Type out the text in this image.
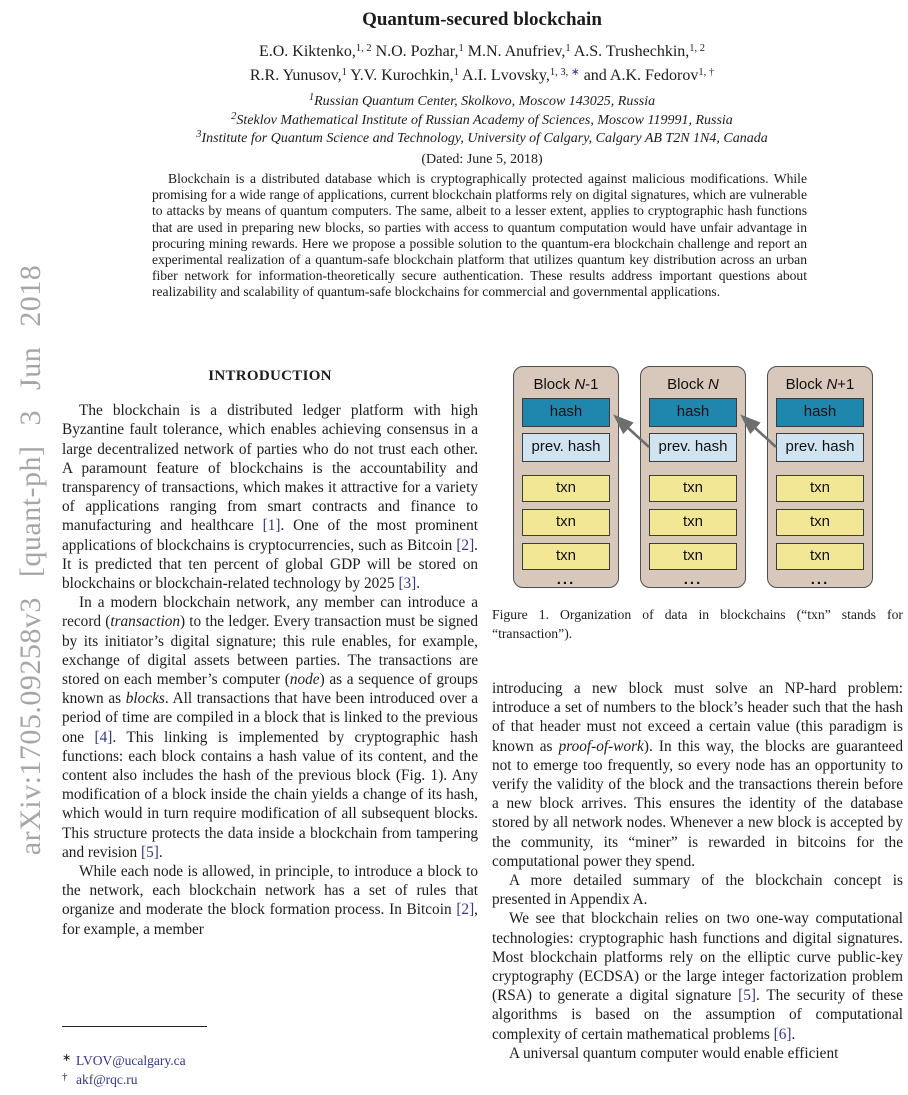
arXiv:1705.09258v3 [quant-ph] 3 Jun 2018
Quantum-secured blockchain
E.O. Kiktenko,$^{1, 2}$ N.O. Pozhar,$^1$ M.N. Anufriev,$^1$ A.S. Trushechkin,$^{1, 2}$
R.R. Yunusov,$^1$ Y.V. Kurochkin,$^1$ A.I. Lvovsky,$^{1, 3,}$ ∗ and A.K. Fedorov$^{1,}$ †

$^1$Russian Quantum Center, Skolkovo, Moscow 143025, Russia

$^2$Steklov Mathematical Institute of Russian Academy of Sciences, Moscow 119991, Russia

$^3$Institute for Quantum Science and Technology, University of Calgary, Calgary AB T2N 1N4, Canada

(Dated: June 5, 2018)

Blockchain is a distributed database which is cryptographically protected against malicious modifications. While promising for a wide range of applications, current blockchain platforms rely on digital signatures, which are vulnerable to attacks by means of quantum computers. The same, albeit to a lesser extent, applies to cryptographic hash functions that are used in preparing new blocks, so parties with access to quantum computation would have unfair advantage in procuring mining rewards. Here we propose a possible solution to the quantum-era blockchain challenge and report an experimental realization of a quantum-safe blockchain platform that utilizes quantum key distribution across an urban fiber network for information-theoretically secure authentication. These results address important questions about realizability and scalability of quantum-safe blockchains for commercial and governmental applications.

INTRODUCTION

The blockchain is a distributed ledger platform with high Byzantine fault tolerance, which enables achieving consensus in a large decentralized network of parties who do not trust each other. A paramount feature of blockchains is the accountability and transparency of transactions, which makes it attractive for a variety of applications ranging from smart contracts and finance to manufacturing and healthcare [1]. One of the most prominent applications of blockchains is cryptocurrencies, such as Bitcoin [2]. It is predicted that ten percent of global GDP will be stored on blockchains or blockchain-related technology by 2025 [3].

In a modern blockchain network, any member can introduce a record (transaction) to the ledger. Every transaction must be signed by its initiator’s digital signature; this rule enables, for example, exchange of digital assets between parties. The transactions are stored on each member’s computer (node) as a sequence of groups known as blocks. All transactions that have been introduced over a period of time are compiled in a block that is linked to the previous one [4]. This linking is implemented by cryptographic hash functions: each block contains a hash value of its content, and the content also includes the hash of the previous block (Fig. 1). Any modification of a block inside the chain yields a change of its hash, which would in turn require modification of all subsequent blocks. This structure protects the data inside a blockchain from tampering and revision [5].

While each node is allowed, in principle, to introduce a block to the network, each blockchain network has a set of rules that organize and moderate the block formation process. In Bitcoin [2], for example, a member

Block N-1
hash
prev. hash
txn
txn
txn
...
Block N
hash
prev. hash
txn
txn
txn
...
Block N+1
hash
prev. hash
txn
txn
txn
...
Figure 1. Organization of data in blockchains (“txn” stands for “transaction”).

introducing a new block must solve an NP-hard problem: introduce a set of numbers to the block’s header such that the hash of that header must not exceed a certain value (this paradigm is known as proof-of-work). In this way, the blocks are guaranteed not to emerge too frequently, so every node has an opportunity to verify the validity of the block and the transactions therein before a new block arrives. This ensures the identity of the database stored by all network nodes. Whenever a new block is accepted by the community, its “miner” is rewarded in bitcoins for the computational power they spend.

A more detailed summary of the blockchain concept is presented in Appendix A.

We see that blockchain relies on two one-way computational technologies: cryptographic hash functions and digital signatures. Most blockchain platforms rely on the elliptic curve public-key cryptography (ECDSA) or the large integer factorization problem (RSA) to generate a digital signature [5]. The security of these algorithms is based on the assumption of computational complexity of certain mathematical problems [6].

A universal quantum computer would enable efficient

∗ LVOV@ucalgary.ca
† akf@rqc.ru
